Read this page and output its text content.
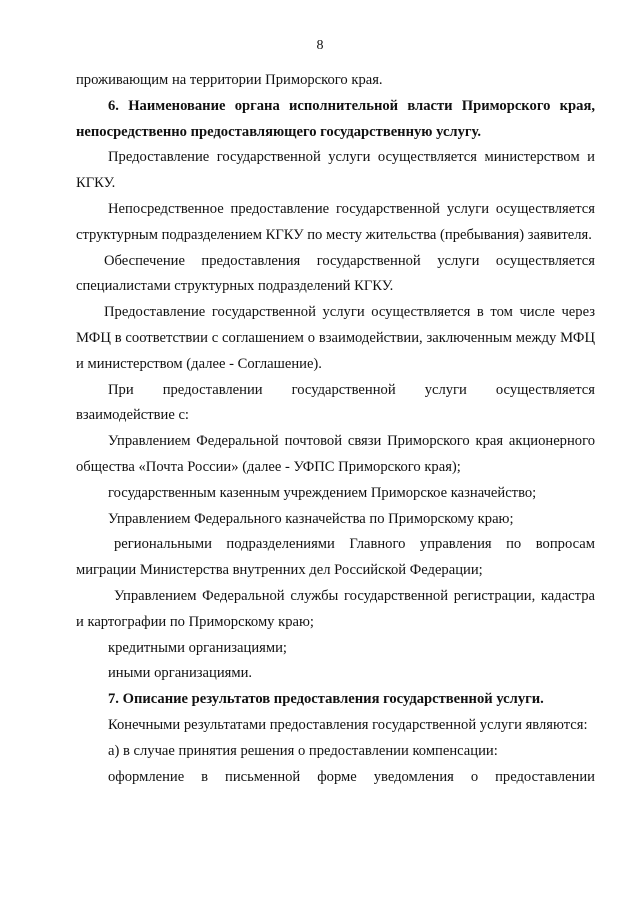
8

проживающим на территории Приморского края.

6. Наименование органа исполнительной власти Приморского края, непосредственно предоставляющего государственную услугу.

Предоставление государственной услуги осуществляется министерством и КГКУ.

Непосредственное предоставление государственной услуги осуществляется структурным подразделением КГКУ по месту жительства (пребывания) заявителя.

Обеспечение предоставления государственной услуги осуществляется специалистами структурных подразделений КГКУ.

Предоставление государственной услуги осуществляется в том числе через МФЦ в соответствии с соглашением о взаимодействии, заключенным между МФЦ и министерством (далее - Соглашение).

При предоставлении государственной услуги осуществляется взаимодействие с:

Управлением Федеральной почтовой связи Приморского края акционерного общества «Почта России» (далее - УФПС Приморского края);

государственным казенным учреждением Приморское казначейство;

Управлением Федерального казначейства по Приморскому краю;

региональными подразделениями Главного управления по вопросам миграции Министерства внутренних дел Российской Федерации;

Управлением Федеральной службы государственной регистрации, кадастра и картографии по Приморскому краю;

кредитными организациями;

иными организациями.

7. Описание результатов предоставления государственной услуги.

Конечными результатами предоставления государственной услуги являются:

а) в случае принятия решения о предоставлении компенсации:

оформление в письменной форме уведомления о предоставлении
